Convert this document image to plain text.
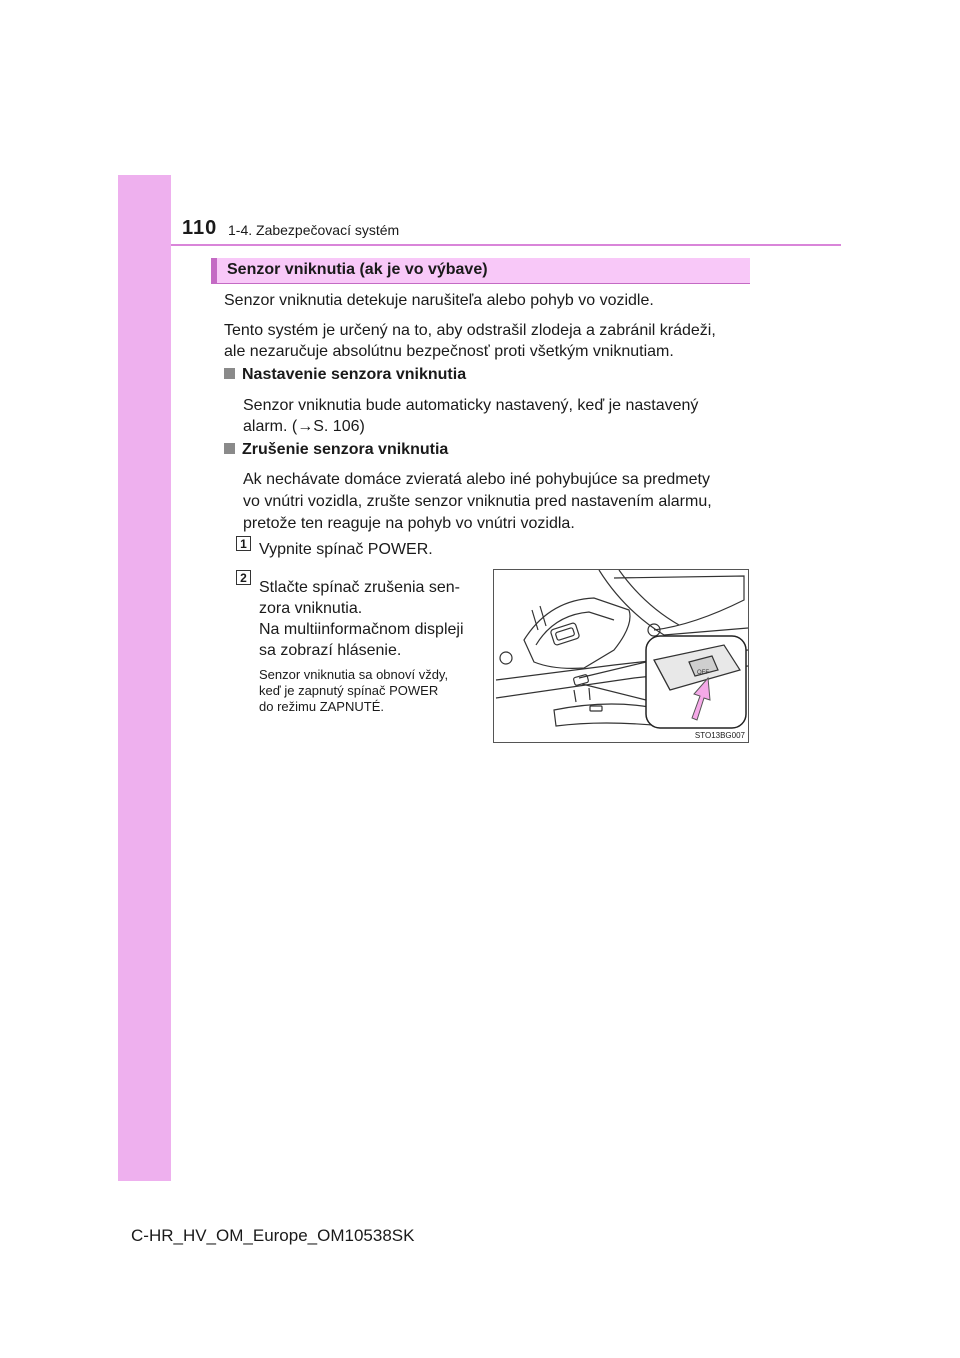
110 1-4. Zabezpečovací systém
Senzor vniknutia (ak je vo výbave)
Senzor vniknutia detekuje narušiteľa alebo pohyb vo vozidle.
Tento systém je určený na to, aby odstrašil zlodeja a zabránil krádeži,
ale nezaručuje absolútnu bezpečnosť proti všetkým vniknutiam.
Nastavenie senzora vniknutia
Senzor vniknutia bude automaticky nastavený, keď je nastavený
alarm. (→S. 106)
Zrušenie senzora vniknutia
Ak nechávate domáce zvieratá alebo iné pohybujúce sa predmety
vo vnútri vozidla, zrušte senzor vniknutia pred nastavením alarmu,
pretože ten reaguje na pohyb vo vnútri vozidla.
1 Vypnite spínač POWER.
2
Stlačte spínač zrušenia sen-
zora vniknutia.
Na multiinformačnom displeji
sa zobrazí hlásenie.
Senzor vniknutia sa obnoví vždy,
keď je zapnutý spínač POWER
do režimu ZAPNUTÉ.
OFF
STO13BG007
C-HR_HV_OM_Europe_OM10538SK
